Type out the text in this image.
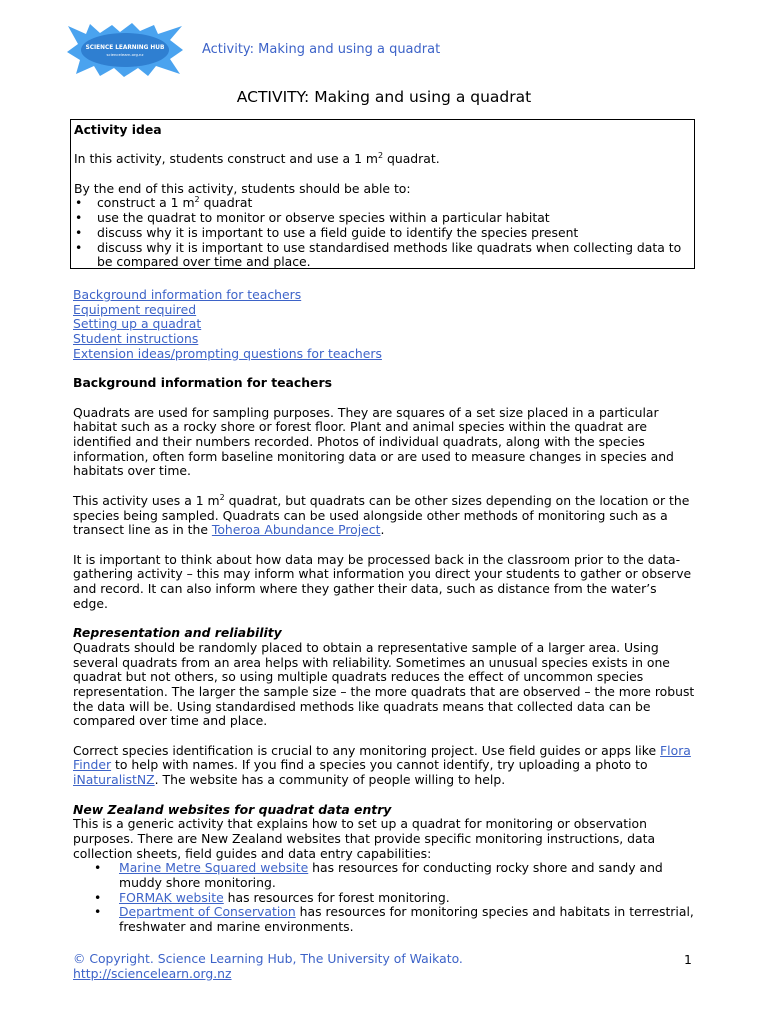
SCIENCE LEARNING HUB
sciencelearn.org.nz	Activity: Making and using a quadrat
ACTIVITY: Making and using a quadrat

Activity idea

In this activity, students construct and use a 1 $m^2$ quadrat.

By the end of this activity, students should be able to:

• construct a 1 $m^2$ quadrat
• use the quadrat to monitor or observe species within a particular habitat
• discuss why it is important to use a field guide to identify the species present
• discuss why it is important to use standardised methods like quadrats when collecting data to be compared over time and place.
Background information for teachers
Equipment required
Setting up a quadrat
Student instructions
Extension ideas/prompting questions for teachers

Background information for teachers

Quadrats are used for sampling purposes. They are squares of a set size placed in a particular habitat such as a rocky shore or forest floor. Plant and animal species within the quadrat are identified and their numbers recorded. Photos of individual quadrats, along with the species information, often form baseline monitoring data or are used to measure changes in species and habitats over time.

This activity uses a 1 $m^2$ quadrat, but quadrats can be other sizes depending on the location or the species being sampled. Quadrats can be used alongside other methods of monitoring such as a transect line as in the Toheroa Abundance Project.

It is important to think about how data may be processed back in the classroom prior to the data-gathering activity – this may inform what information you direct your students to gather or observe and record. It can also inform where they gather their data, such as distance from the water’s edge.

Representation and reliability

Quadrats should be randomly placed to obtain a representative sample of a larger area. Using several quadrats from an area helps with reliability. Sometimes an unusual species exists in one quadrat but not others, so using multiple quadrats reduces the effect of uncommon species representation. The larger the sample size – the more quadrats that are observed – the more robust the data will be. Using standardised methods like quadrats means that collected data can be compared over time and place.

Correct species identification is crucial to any monitoring project. Use field guides or apps like Flora Finder to help with names. If you find a species you cannot identify, try uploading a photo to iNaturalistNZ. The website has a community of people willing to help.

New Zealand websites for quadrat data entry

This is a generic activity that explains how to set up a quadrat for monitoring or observation purposes. There are New Zealand websites that provide specific monitoring instructions, data collection sheets, field guides and data entry capabilities:

• Marine Metre Squared website has resources for conducting rocky shore and sandy and muddy shore monitoring.
• FORMAK website has resources for forest monitoring.
• Department of Conservation has resources for monitoring species and habitats in terrestrial, freshwater and marine environments.

© Copyright. Science Learning Hub, The University of Waikato.

http://sciencelearn.org.nz

1
